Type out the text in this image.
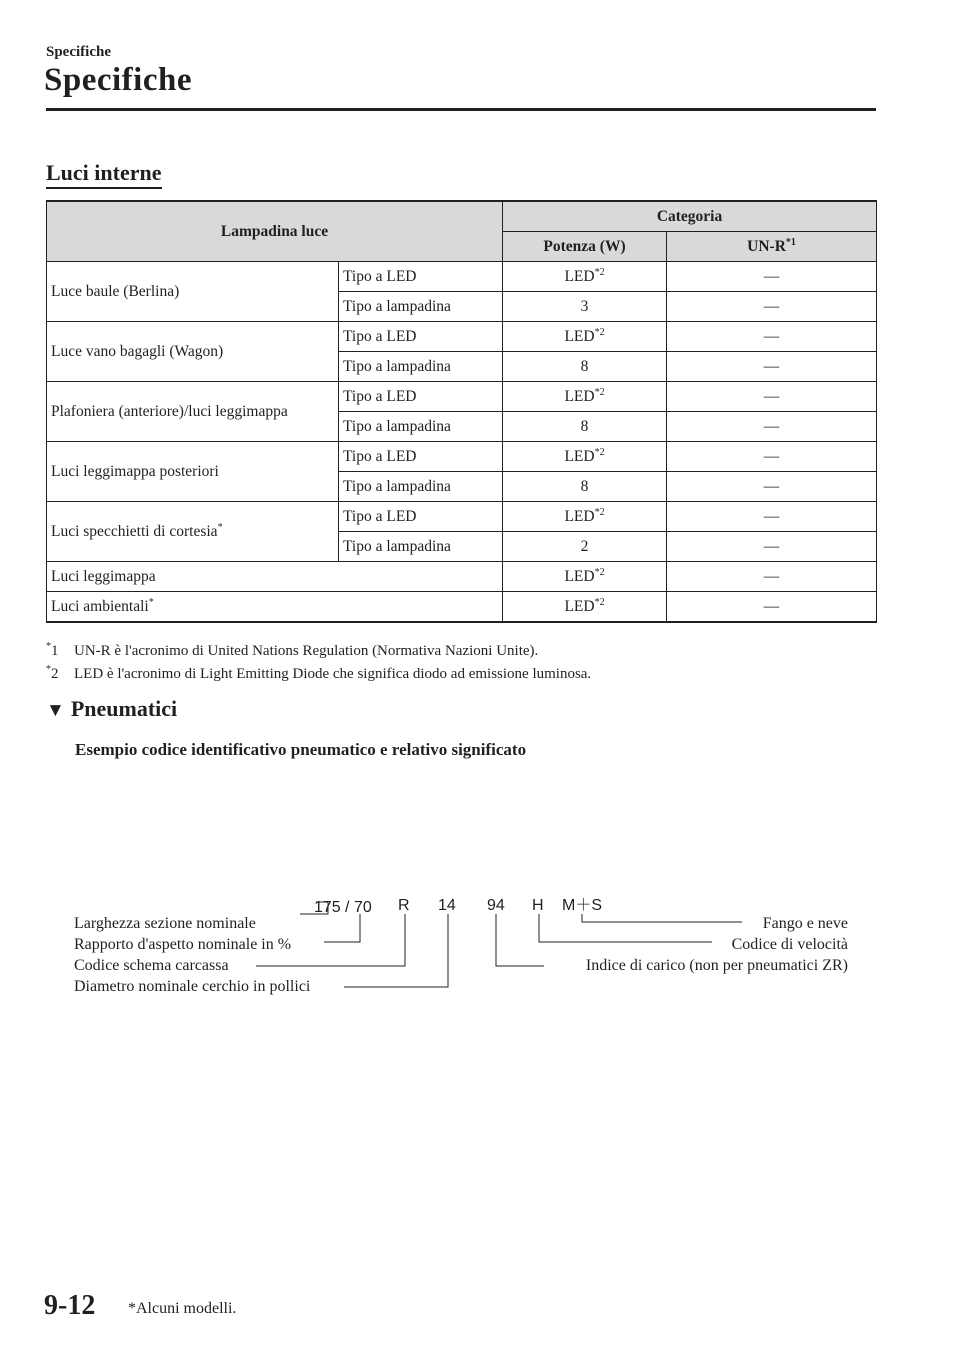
Specifiche
Specifiche
Luci interne
Lampadina luce		Categoria	
		Potenza (W)	$UN-R^{*1}$
Luce baule (Berlina)	Tipo a LED	LED$^{*2}$	—
	Tipo a lampadina	3	—
Luce vano bagagli (Wagon)	Tipo a LED	LED$^{*2}$	—
	Tipo a lampadina	8	—
Plafoniera (anteriore)/luci leggimappa	Tipo a LED	LED$^{*2}$	—
	Tipo a lampadina	8	—
Luci leggimappa posteriori	Tipo a LED	LED$^{*2}$	—
	Tipo a lampadina	8	—
Luci specchietti di cortesia*	Tipo a LED	LED$^{*2}$	—
	Tipo a lampadina	2	—
Luci leggimappa		LED$^{*2}$	—
Luci ambientali*		LED$^{*2}$	—
*1	UN-R è l'acronimo di United Nations Regulation (Normativa Nazioni Unite).
*2	LED è l'acronimo di Light Emitting Diode che significa diodo ad emissione luminosa.
▼ Pneumatici
Esempio codice identificativo pneumatico e relativo significato
175 / 70 R 14 94 H M＋S
Larghezza sezione nominale
Rapporto d'aspetto nominale in %
Codice schema carcassa
Diametro nominale cerchio in pollici
Fango e neve
Codice di velocità
Indice di carico (non per pneumatici ZR)
9-12 *Alcuni modelli.
